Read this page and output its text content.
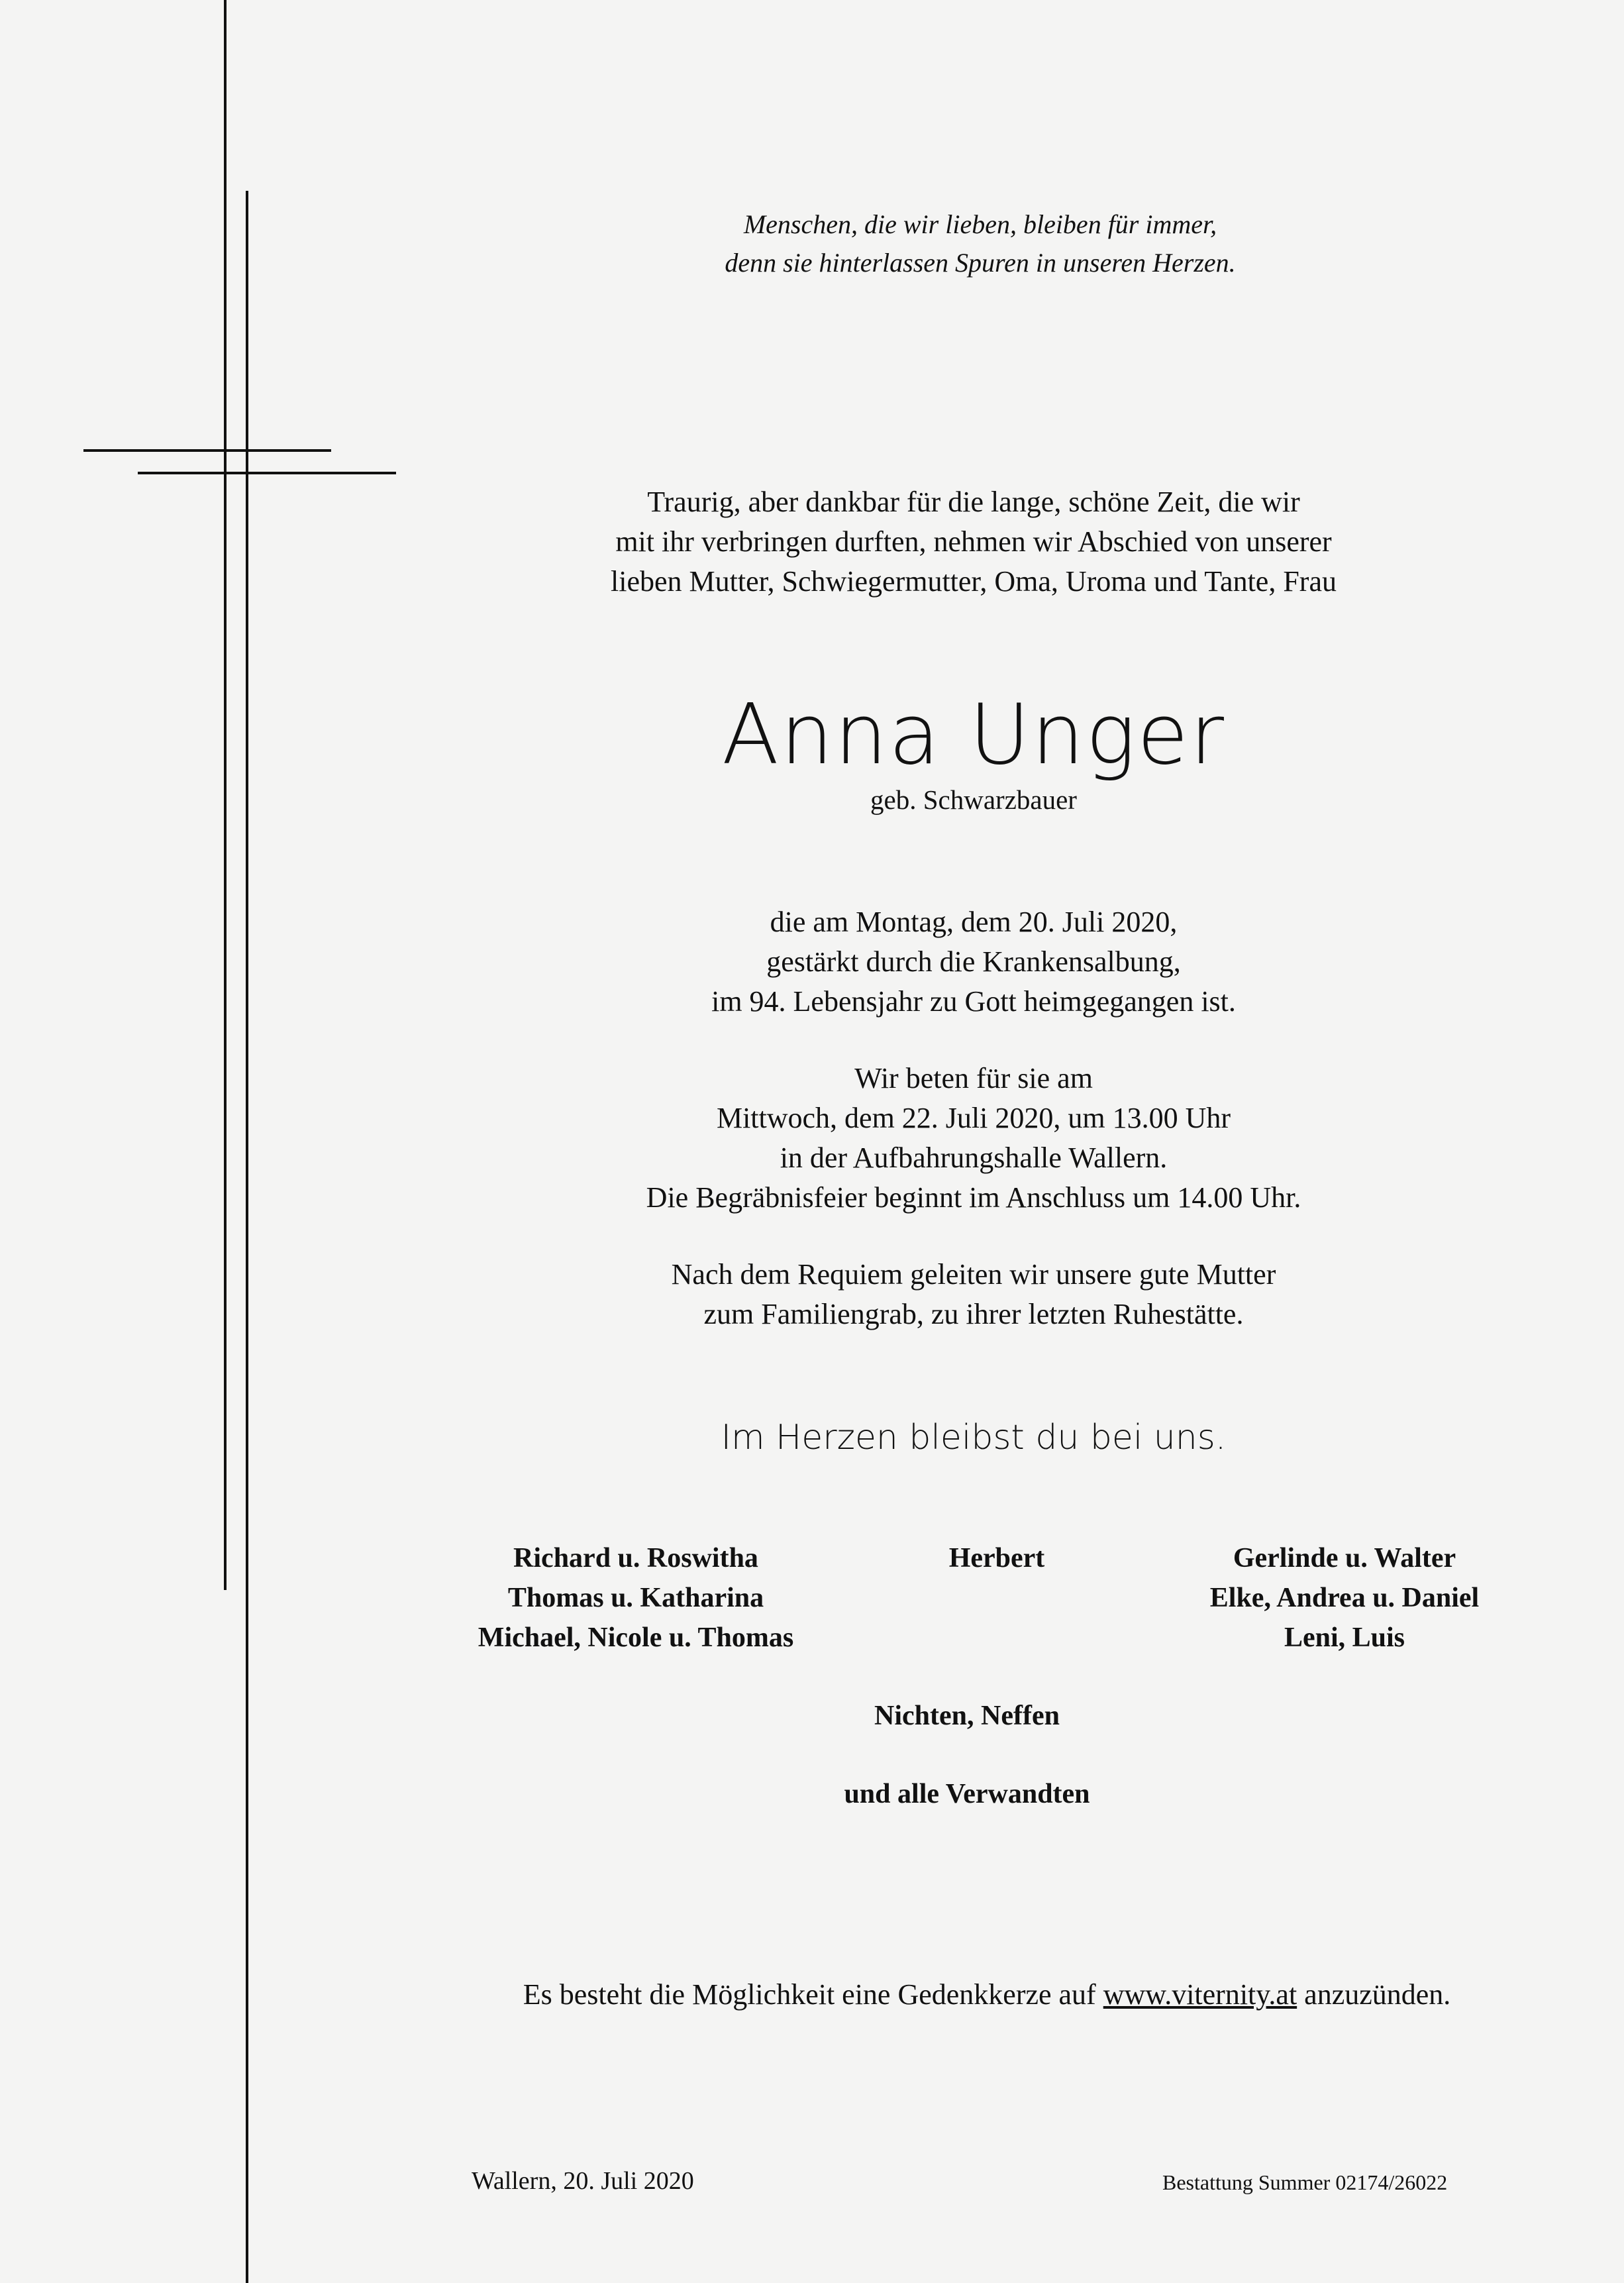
Menschen, die wir lieben, bleiben für immer,
denn sie hinterlassen Spuren in unseren Herzen.
Traurig, aber dankbar für die lange, schöne Zeit, die wir
mit ihr verbringen durften, nehmen wir Abschied von unserer
lieben Mutter, Schwiegermutter, Oma, Uroma und Tante, Frau
Anna Unger
geb. Schwarzbauer
die am Montag, dem 20. Juli 2020,
gestärkt durch die Krankensalbung,
im 94. Lebensjahr zu Gott heimgegangen ist.
Wir beten für sie am
Mittwoch, dem 22. Juli 2020, um 13.00 Uhr
in der Aufbahrungshalle Wallern.
Die Begräbnisfeier beginnt im Anschluss um 14.00 Uhr.
Nach dem Requiem geleiten wir unsere gute Mutter
zum Familiengrab, zu ihrer letzten Ruhestätte.
Im Herzen bleibst du bei uns.
Richard u. Roswitha
Thomas u. Katharina
Michael, Nicole u. Thomas
Herbert	Gerlinde u. Walter
Elke, Andrea u. Daniel
Leni, Luis
Nichten, Neffen
und alle Verwandten
Es besteht die Möglichkeit eine Gedenkkerze auf www.viternity.at anzuzünden.
Wallern, 20. Juli 2020	Bestattung Summer 02174/26022
